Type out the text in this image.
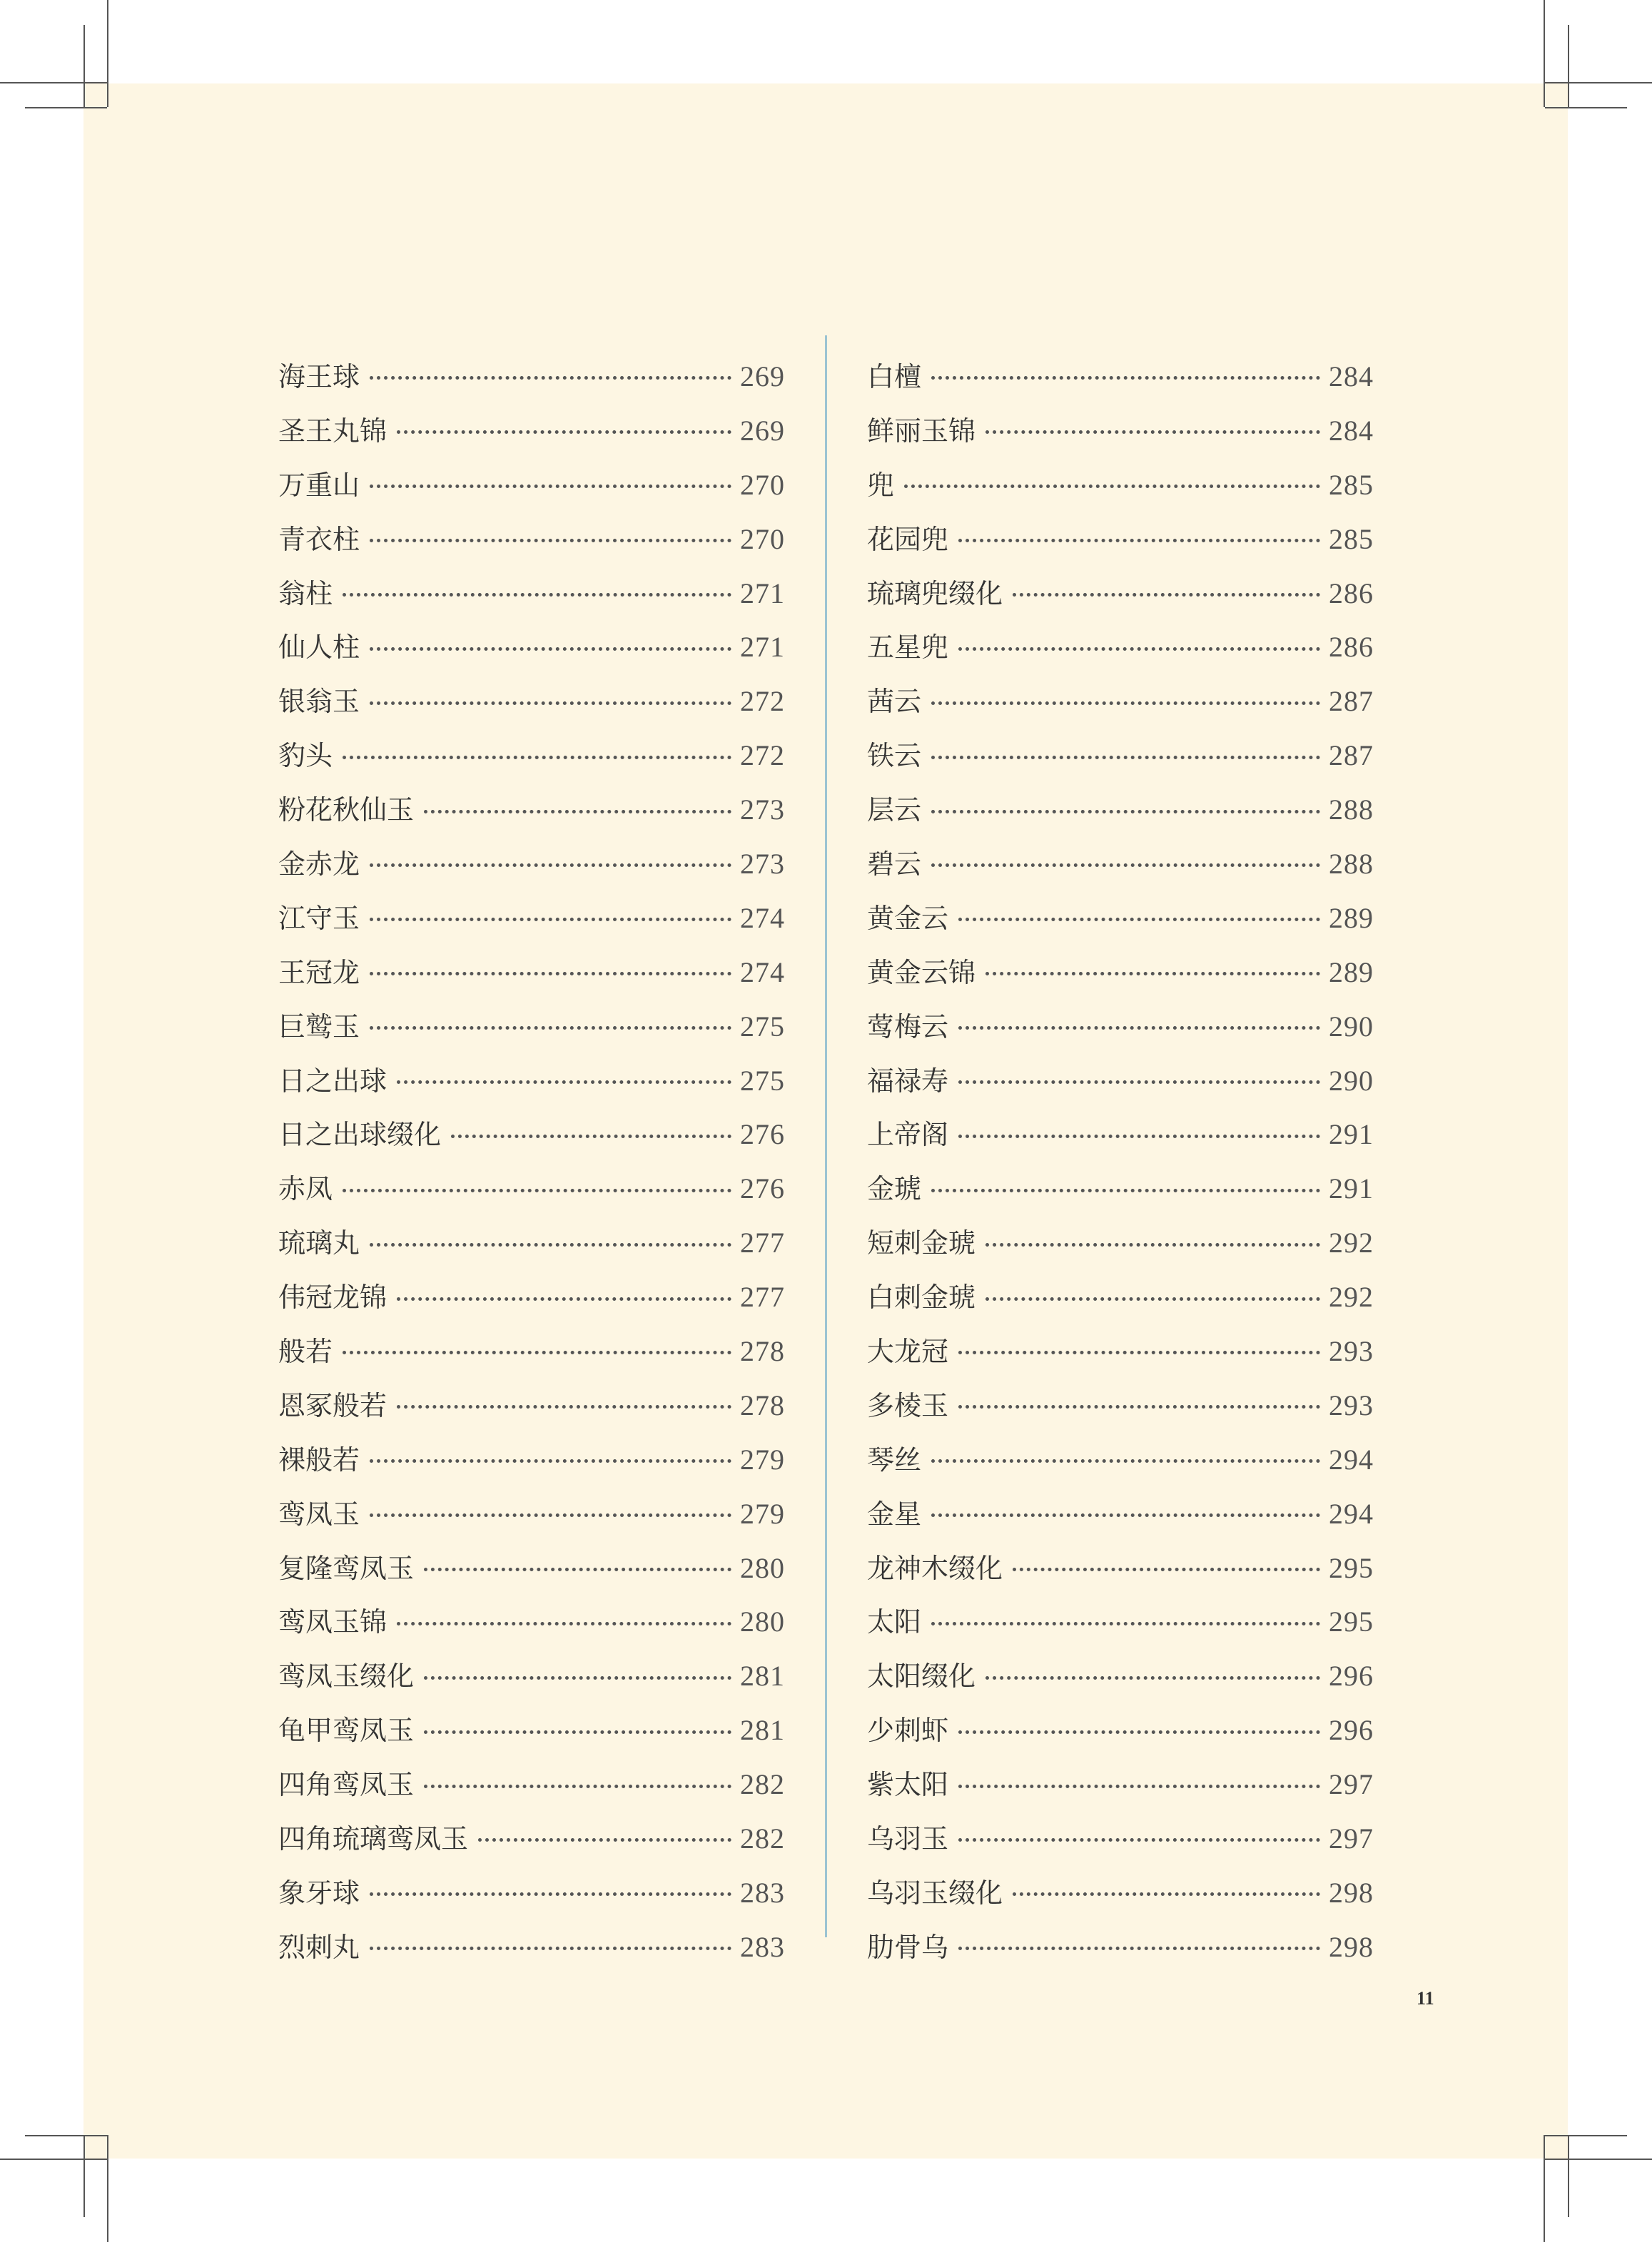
海王球	269
圣王丸锦	269
万重山	270
青衣柱	270
翁柱	271
仙人柱	271
银翁玉	272
豹头	272
粉花秋仙玉	273
金赤龙	273
江守玉	274
王冠龙	274
巨鹫玉	275
日之出球	275
日之出球缀化	276
赤凤	276
琉璃丸	277
伟冠龙锦	277
般若	278
恩冢般若	278
裸般若	279
鸾凤玉	279
复隆鸾凤玉	280
鸾凤玉锦	280
鸾凤玉缀化	281
龟甲鸾凤玉	281
四角鸾凤玉	282
四角琉璃鸾凤玉	282
象牙球	283
烈刺丸	283
白檀	284
鲜丽玉锦	284
兜	285
花园兜	285
琉璃兜缀化	286
五星兜	286
茜云	287
铁云	287
层云	288
碧云	288
黄金云	289
黄金云锦	289
莺梅云	290
福禄寿	290
上帝阁	291
金琥	291
短刺金琥	292
白刺金琥	292
大龙冠	293
多棱玉	293
琴丝	294
金星	294
龙神木缀化	295
太阳	295
太阳缀化	296
少刺虾	296
紫太阳	297
乌羽玉	297
乌羽玉缀化	298
肋骨乌	298
11
